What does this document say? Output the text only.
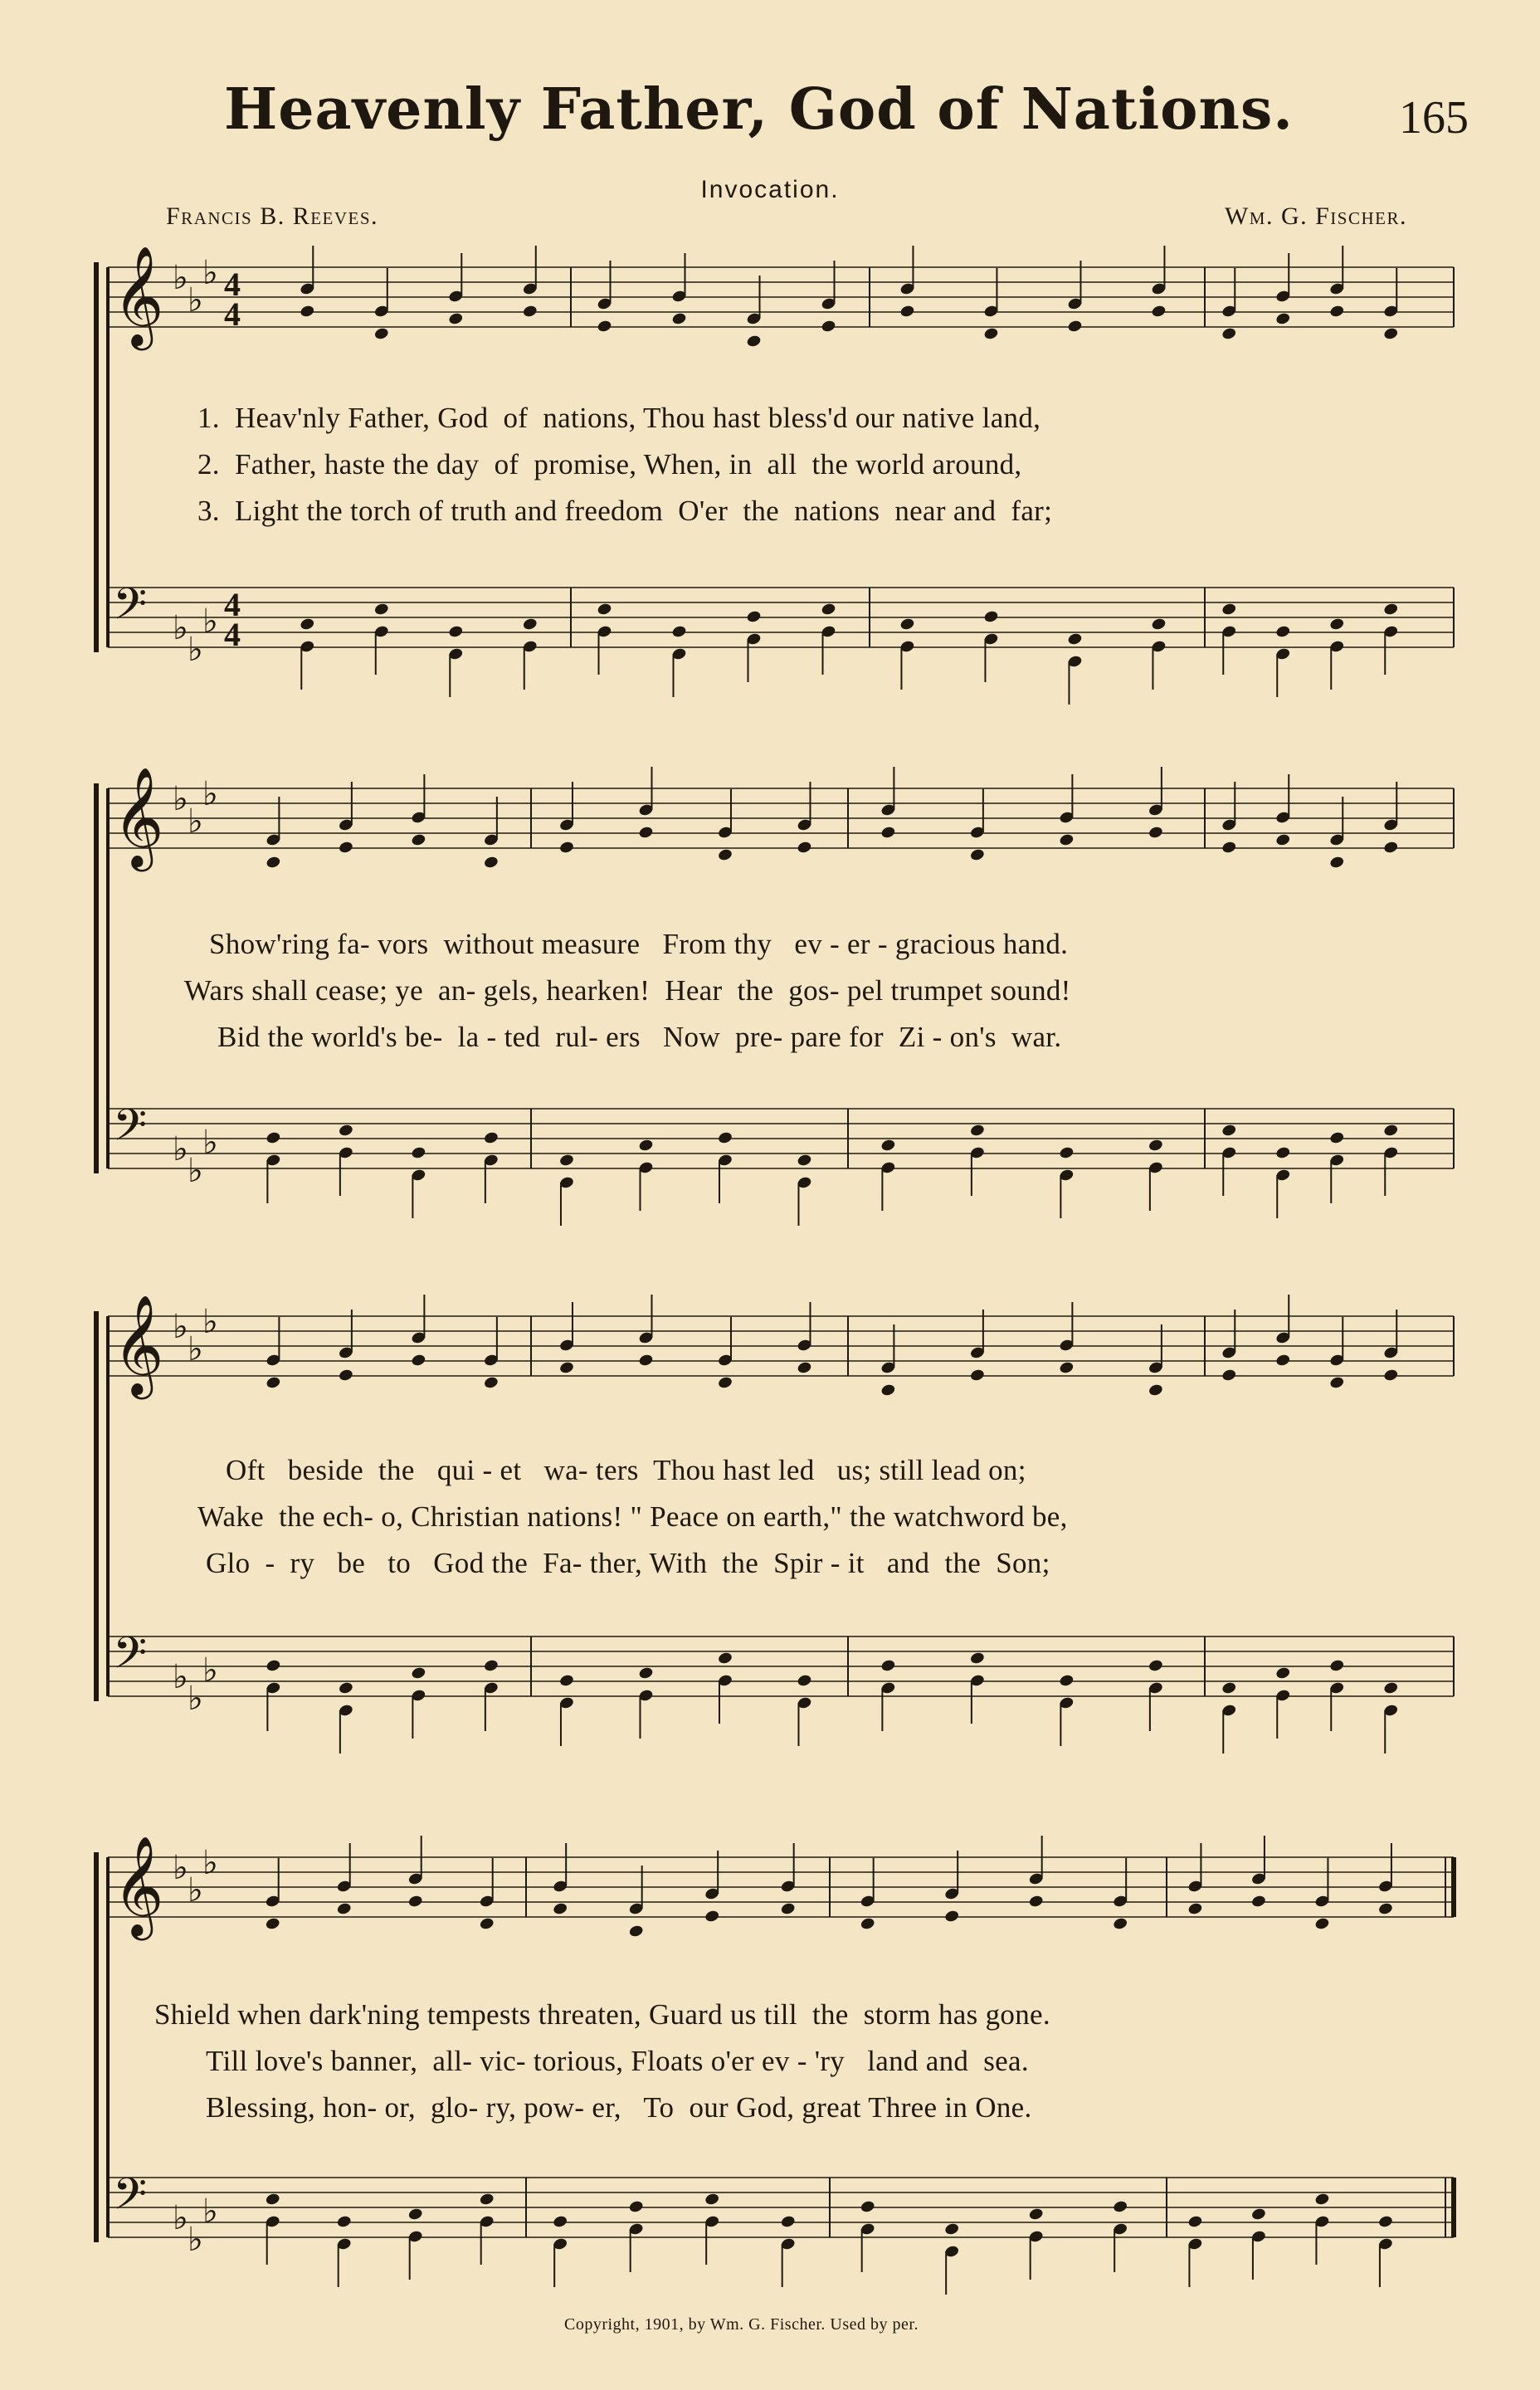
Heavenly Father, God of Nations. 165
Invocation.
Francis B. Reeves.	Wm. G. Fischer.
𝄞 ♭
♭
♭ 4
4
𝄢 ♭
♭
♭ 4
4
𝄞 ♭
♭
♭
𝄢 ♭
♭
♭
𝄞 ♭
♭
♭
𝄢 ♭
♭
♭
𝄞 ♭
♭
♭
𝄢 ♭
♭
♭
1.  Heav'nly Father, God  of  nations, Thou hast bless'd our native land,
2.  Father, haste the day  of  promise, When, in  all  the world around,
3.  Light the torch of truth and freedom  O'er  the  nations  near and  far;
Show'ring fa- vors  without measure   From thy   ev - er - gracious hand.
Wars shall cease; ye  an- gels, hearken!  Hear  the  gos- pel trumpet sound!
Bid the world's be-  la - ted  rul- ers   Now  pre- pare for  Zi - on's  war.
Oft   beside  the   qui - et   wa- ters  Thou hast led   us; still lead on;
Wake  the ech- o, Christian nations! " Peace on earth," the watchword be,
Glo  -  ry   be   to   God the  Fa- ther, With  the  Spir - it   and  the  Son;
Shield when dark'ning tempests threaten, Guard us till  the  storm has gone.
Till love's banner,  all- vic- torious, Floats o'er ev - 'ry   land and  sea.
Blessing, hon- or,  glo- ry, pow- er,   To  our God, great Three in One.
Copyright, 1901, by Wm. G. Fischer. Used by per.
